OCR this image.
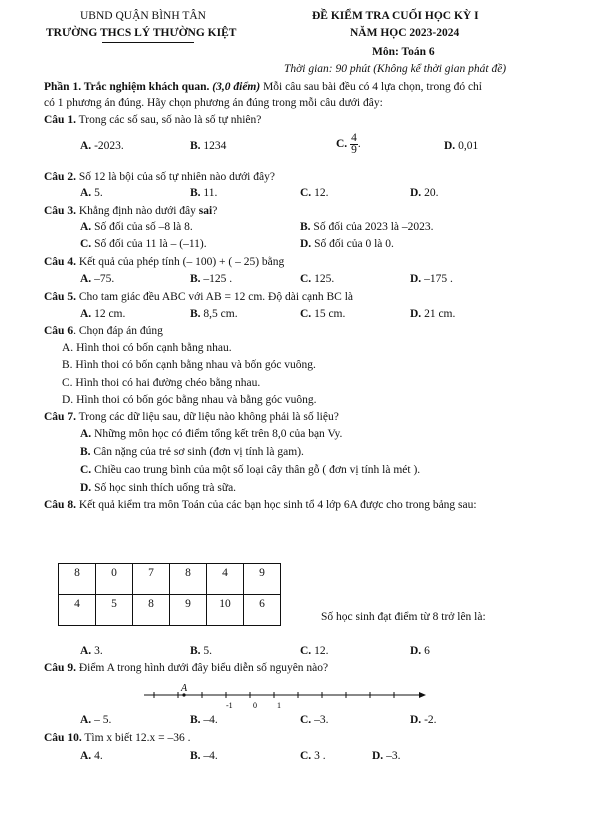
UBND QUẬN BÌNH TÂN
TRƯỜNG THCS LÝ THƯỜNG KIỆT
ĐỀ KIỂM TRA CUỐI HỌC KỲ I
NĂM HỌC 2023-2024
Môn: Toán 6
Thời gian: 90 phút (Không kể thời gian phát đề)
Phần 1. Trắc nghiệm khách quan. (3,0 điểm) Mỗi câu sau bài đều có 4 lựa chọn, trong đó chỉ
có 1 phương án đúng. Hãy chọn phương án đúng trong mỗi câu dưới đây:
Câu 1. Trong các số sau, số nào là số tự nhiên?
A. -2023.	B. 1234	C. $\frac{4}{9}$ .	D. 0,01
Câu 2. Số 12 là bội của số tự nhiên nào dưới đây?
A. 5.	B. 11.	C. 12.	D. 20.
Câu 3. Khẳng định nào dưới đây sai?
A. Số đối của số –8 là 8.	B. Số đối của 2023 là –2023.
C. Số đối của 11 là – (–11).	D. Số đối của 0 là 0.
Câu 4. Kết quả của phép tính (– 100) + ( – 25) bằng
A. –75.	B. –125 .	C. 125.	D. –175 .
Câu 5. Cho tam giác đều ABC với AB = 12 cm. Độ dài cạnh BC là
A. 12 cm.	B. 8,5 cm.	C. 15 cm.	D. 21 cm.
Câu 6. Chọn đáp án đúng
A. Hình thoi có bốn cạnh bằng nhau.
B. Hình thoi có bốn cạnh bằng nhau và bốn góc vuông.
C. Hình thoi có hai đường chéo bằng nhau.
D. Hình thoi có bốn góc bằng nhau và bằng góc vuông.
Câu 7. Trong các dữ liệu sau, dữ liệu nào không phải là số liệu?
A. Những môn học có điểm tổng kết trên 8,0 của bạn Vy.
B. Cân nặng của trẻ sơ sinh (đơn vị tính là gam).
C. Chiều cao trung bình của một số loại cây thân gỗ ( đơn vị tính là mét ).
D. Số học sinh thích uống trà sữa.
Câu 8. Kết quả kiểm tra môn Toán của các bạn học sinh tổ 4 lớp 6A được cho trong bảng sau:
8	0	7	8	4	9
4	5	8	9	10	6
Số học sinh đạt điểm từ 8 trở lên là:
A. 3.	B. 5.	C. 12.	D. 6
Câu 9. Điểm A trong hình dưới đây biểu diễn số nguyên nào?
A
-1	0	1
A. – 5.	B. –4.	C. –3.	D. -2.
Câu 10. Tìm x biết 12.x = –36 .
A. 4.	B. –4.	C. 3 .	D. –3.
